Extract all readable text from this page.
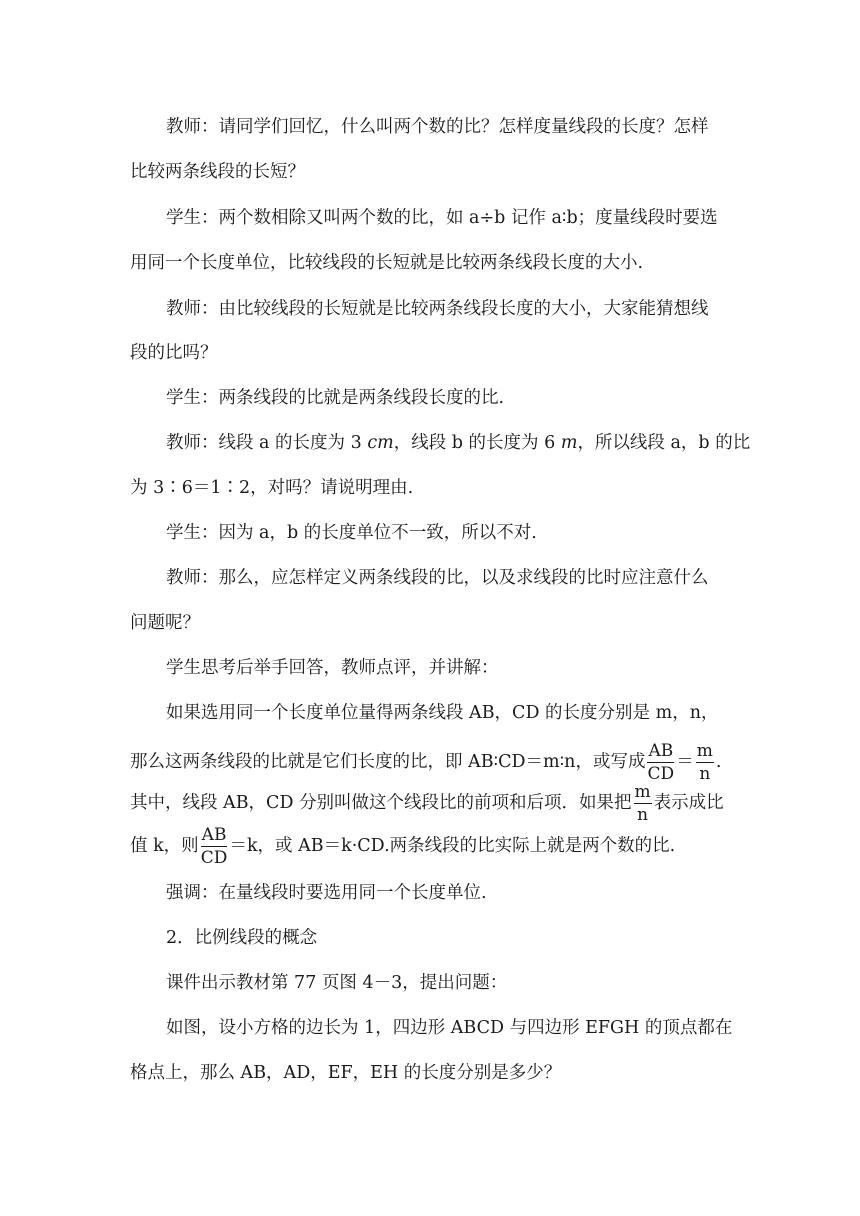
教师：请同学们回忆，什么叫两个数的比？怎样度量线段的长度？怎样
比较两条线段的长短？
学生：两个数相除又叫两个数的比，如 a÷b 记作 a∶b；度量线段时要选
用同一个长度单位，比较线段的长短就是比较两条线段长度的大小.
教师：由比较线段的长短就是比较两条线段长度的大小，大家能猜想线
段的比吗？
学生：两条线段的比就是两条线段长度的比.
教师：线段 a 的长度为 3 cm，线段 b 的长度为 6 m，所以线段 a，b 的比
为 3∶6＝1∶2，对吗？请说明理由.
学生：因为 a，b 的长度单位不一致，所以不对.
教师：那么，应怎样定义两条线段的比，以及求线段的比时应注意什么
问题呢？
学生思考后举手回答，教师点评，并讲解：
如果选用同一个长度单位量得两条线段 AB，CD 的长度分别是 m，n，
那么这两条线段的比就是它们长度的比，即 AB∶CD＝m∶n，或写成 $\frac{AB}{CD} = \frac{m}{n}$ .
其中，线段 AB，CD 分别叫做这个线段比的前项和后项．如果把 $\frac{m}{n}$ 表示成比
值 k，则 $\frac{AB}{CD} =k$，或 AB＝k·CD.两条线段的比实际上就是两个数的比.
强调：在量线段时要选用同一个长度单位.
2．比例线段的概念
课件出示教材第 77 页图 4－3，提出问题：
如图，设小方格的边长为 1，四边形 ABCD 与四边形 EFGH 的顶点都在
格点上，那么 AB，AD，EF，EH 的长度分别是多少？
